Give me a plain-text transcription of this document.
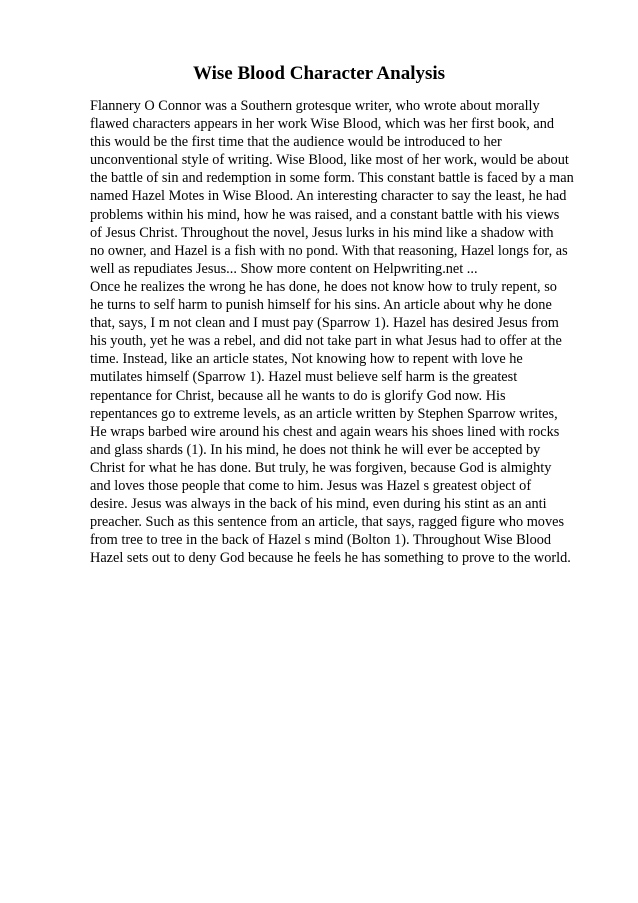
Wise Blood Character Analysis
Flannery O Connor was a Southern grotesque writer, who wrote about morally
flawed characters appears in her work Wise Blood, which was her first book, and
this would be the first time that the audience would be introduced to her
unconventional style of writing. Wise Blood, like most of her work, would be about
the battle of sin and redemption in some form. This constant battle is faced by a man
named Hazel Motes in Wise Blood. An interesting character to say the least, he had
problems within his mind, how he was raised, and a constant battle with his views
of Jesus Christ. Throughout the novel, Jesus lurks in his mind like a shadow with
no owner, and Hazel is a fish with no pond. With that reasoning, Hazel longs for, as
well as repudiates Jesus... Show more content on Helpwriting.net ...
Once he realizes the wrong he has done, he does not know how to truly repent, so
he turns to self harm to punish himself for his sins. An article about why he done
that, says, I m not clean and I must pay (Sparrow 1). Hazel has desired Jesus from
his youth, yet he was a rebel, and did not take part in what Jesus had to offer at the
time. Instead, like an article states, Not knowing how to repent with love he
mutilates himself (Sparrow 1). Hazel must believe self harm is the greatest
repentance for Christ, because all he wants to do is glorify God now. His
repentances go to extreme levels, as an article written by Stephen Sparrow writes,
He wraps barbed wire around his chest and again wears his shoes lined with rocks
and glass shards (1). In his mind, he does not think he will ever be accepted by
Christ for what he has done. But truly, he was forgiven, because God is almighty
and loves those people that come to him. Jesus was Hazel s greatest object of
desire. Jesus was always in the back of his mind, even during his stint as an anti
preacher. Such as this sentence from an article, that says, ragged figure who moves
from tree to tree in the back of Hazel s mind (Bolton 1). Throughout Wise Blood
Hazel sets out to deny God because he feels he has something to prove to the world.
